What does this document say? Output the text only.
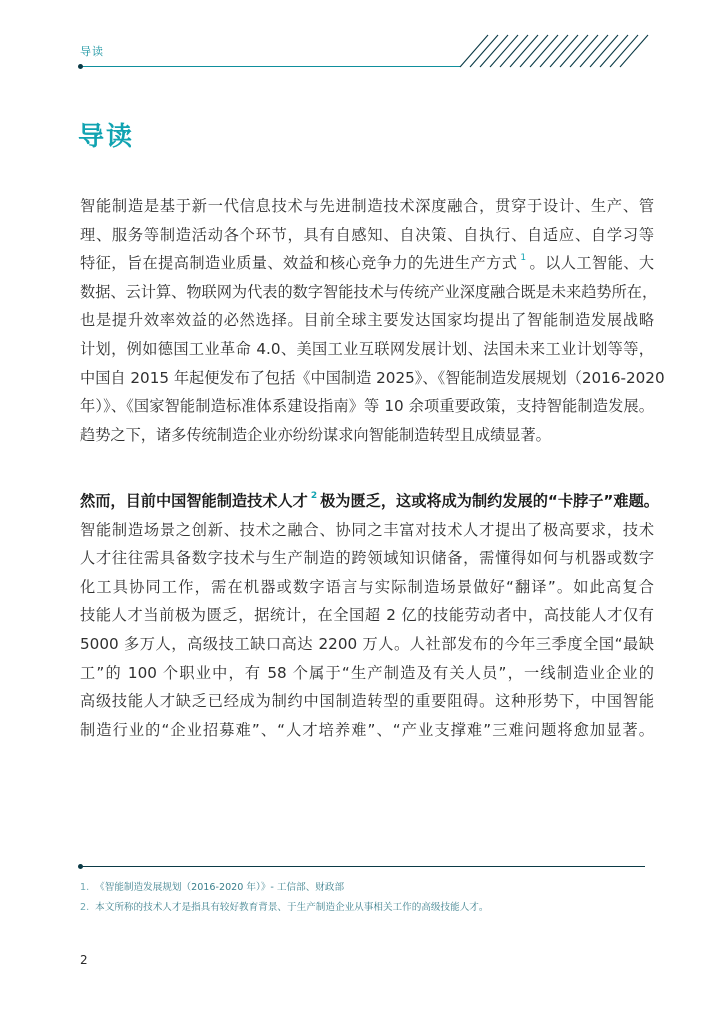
导读
导读
智能制造是基于新一代信息技术与先进制造技术深度融合，贯穿于设计、生产、管
理、服务等制造活动各个环节，具有自感知、自决策、自执行、自适应、自学习等
特征，旨在提高制造业质量、效益和核心竞争力的先进生产方式 $^1$ 。以人工智能、大
数据、云计算、物联网为代表的数字智能技术与传统产业深度融合既是未来趋势所在，
也是提升效率效益的必然选择。目前全球主要发达国家均提出了智能制造发展战略
计划，例如德国工业革命 4.0、美国工业互联网发展计划、法国未来工业计划等等，
中国自 2015 年起便发布了包括《中国制造 2025》、《智能制造发展规划（2016-2020
年）》、《国家智能制造标准体系建设指南》等 10 余项重要政策，支持智能制造发展。
趋势之下，诸多传统制造企业亦纷纷谋求向智能制造转型且成绩显著。
然而，目前中国智能制造技术人才 $^2$ 极为匮乏，这或将成为制约发展的“卡脖子”难题。
智能制造场景之创新、技术之融合、协同之丰富对技术人才提出了极高要求，技术
人才往往需具备数字技术与生产制造的跨领域知识储备，需懂得如何与机器或数字
化工具协同工作，需在机器或数字语言与实际制造场景做好“翻译”。如此高复合
技能人才当前极为匮乏，据统计，在全国超 2 亿的技能劳动者中，高技能人才仅有
5000 多万人，高级技工缺口高达 2200 万人。人社部发布的今年三季度全国“最缺
工”的 100 个职业中，有 58 个属于“生产制造及有关人员”，一线制造业企业的
高级技能人才缺乏已经成为制约中国制造转型的重要阻碍。这种形势下，中国智能
制造行业的“企业招募难”、“人才培养难”、“产业支撑难”三难问题将愈加显著。
1. 《智能制造发展规划（2016-2020 年）》- 工信部、财政部
2. 本文所称的技术人才是指具有较好教育背景、于生产制造企业从事相关工作的高级技能人才。
2
